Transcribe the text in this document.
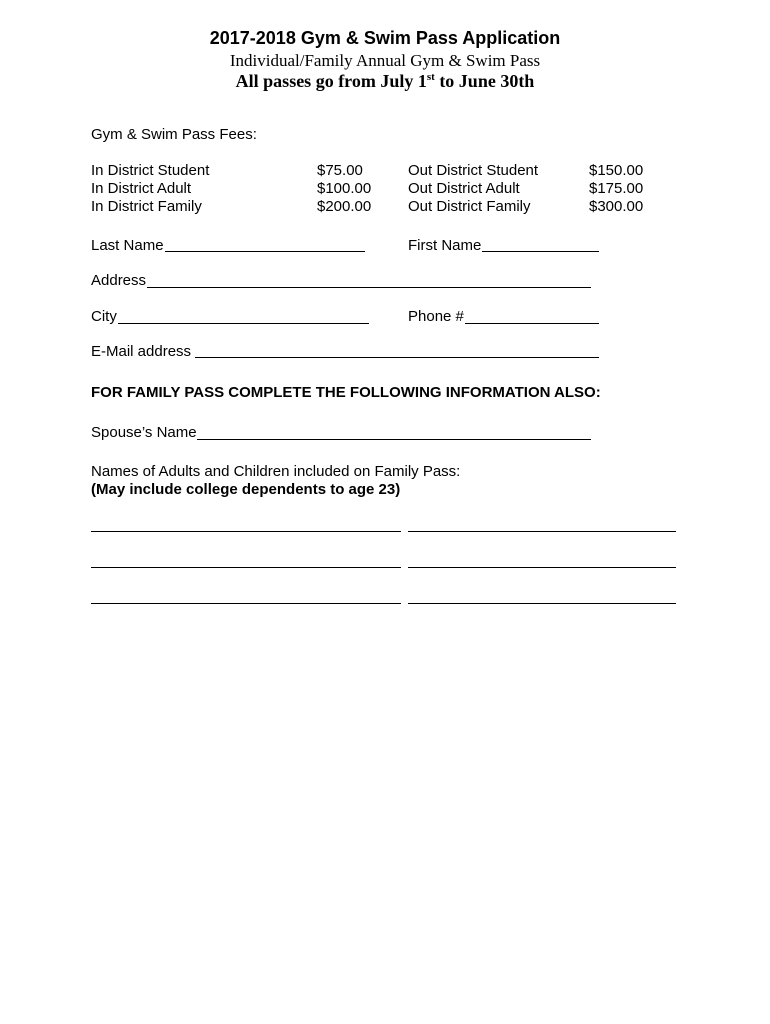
2017-2018 Gym & Swim Pass Application
Individual/Family Annual Gym & Swim Pass
All passes go from July 1st to June 30th
Gym & Swim Pass Fees:
In District Student	$75.00	Out District Student	$150.00
In District Adult	$100.00 Out District Adult	$175.00
In District Family	$200.00 Out District Family	$300.00
Last Name	First Name
Address
City	Phone #
E-Mail address
FOR FAMILY PASS COMPLETE THE FOLLOWING INFORMATION ALSO:
Spouse’s Name
Names of Adults and Children included on Family Pass:
(May include college dependents to age 23)
